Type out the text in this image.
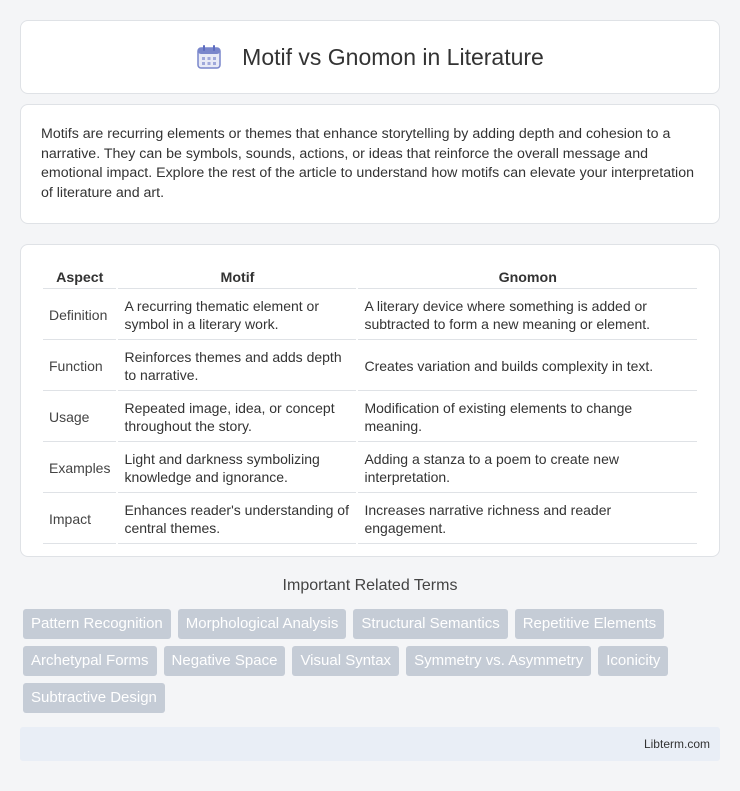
Motif vs Gnomon in Literature

Motifs are recurring elements or themes that enhance storytelling by adding depth and cohesion to a narrative. They can be symbols, sounds, actions, or ideas that reinforce the overall message and emotional impact. Explore the rest of the article to understand how motifs can elevate your interpretation of literature and art.

Aspect	Motif	Gnomon
Definition	A recurring thematic element or symbol in a literary work.	A literary device where something is added or subtracted to form a new meaning or element.
Function	Reinforces themes and adds depth to narrative.	Creates variation and builds complexity in text.
Usage	Repeated image, idea, or concept throughout the story.	Modification of existing elements to change meaning.
Examples	Light and darkness symbolizing knowledge and ignorance.	Adding a stanza to a poem to create new interpretation.
Impact	Enhances reader's understanding of central themes.	Increases narrative richness and reader engagement.
Important Related Terms
Pattern Recognition	Morphological Analysis	Structural Semantics	Repetitive Elements
Archetypal Forms	Negative Space	Visual Syntax	Symmetry vs. Asymmetry	Iconicity
Subtractive Design
Libterm.com
